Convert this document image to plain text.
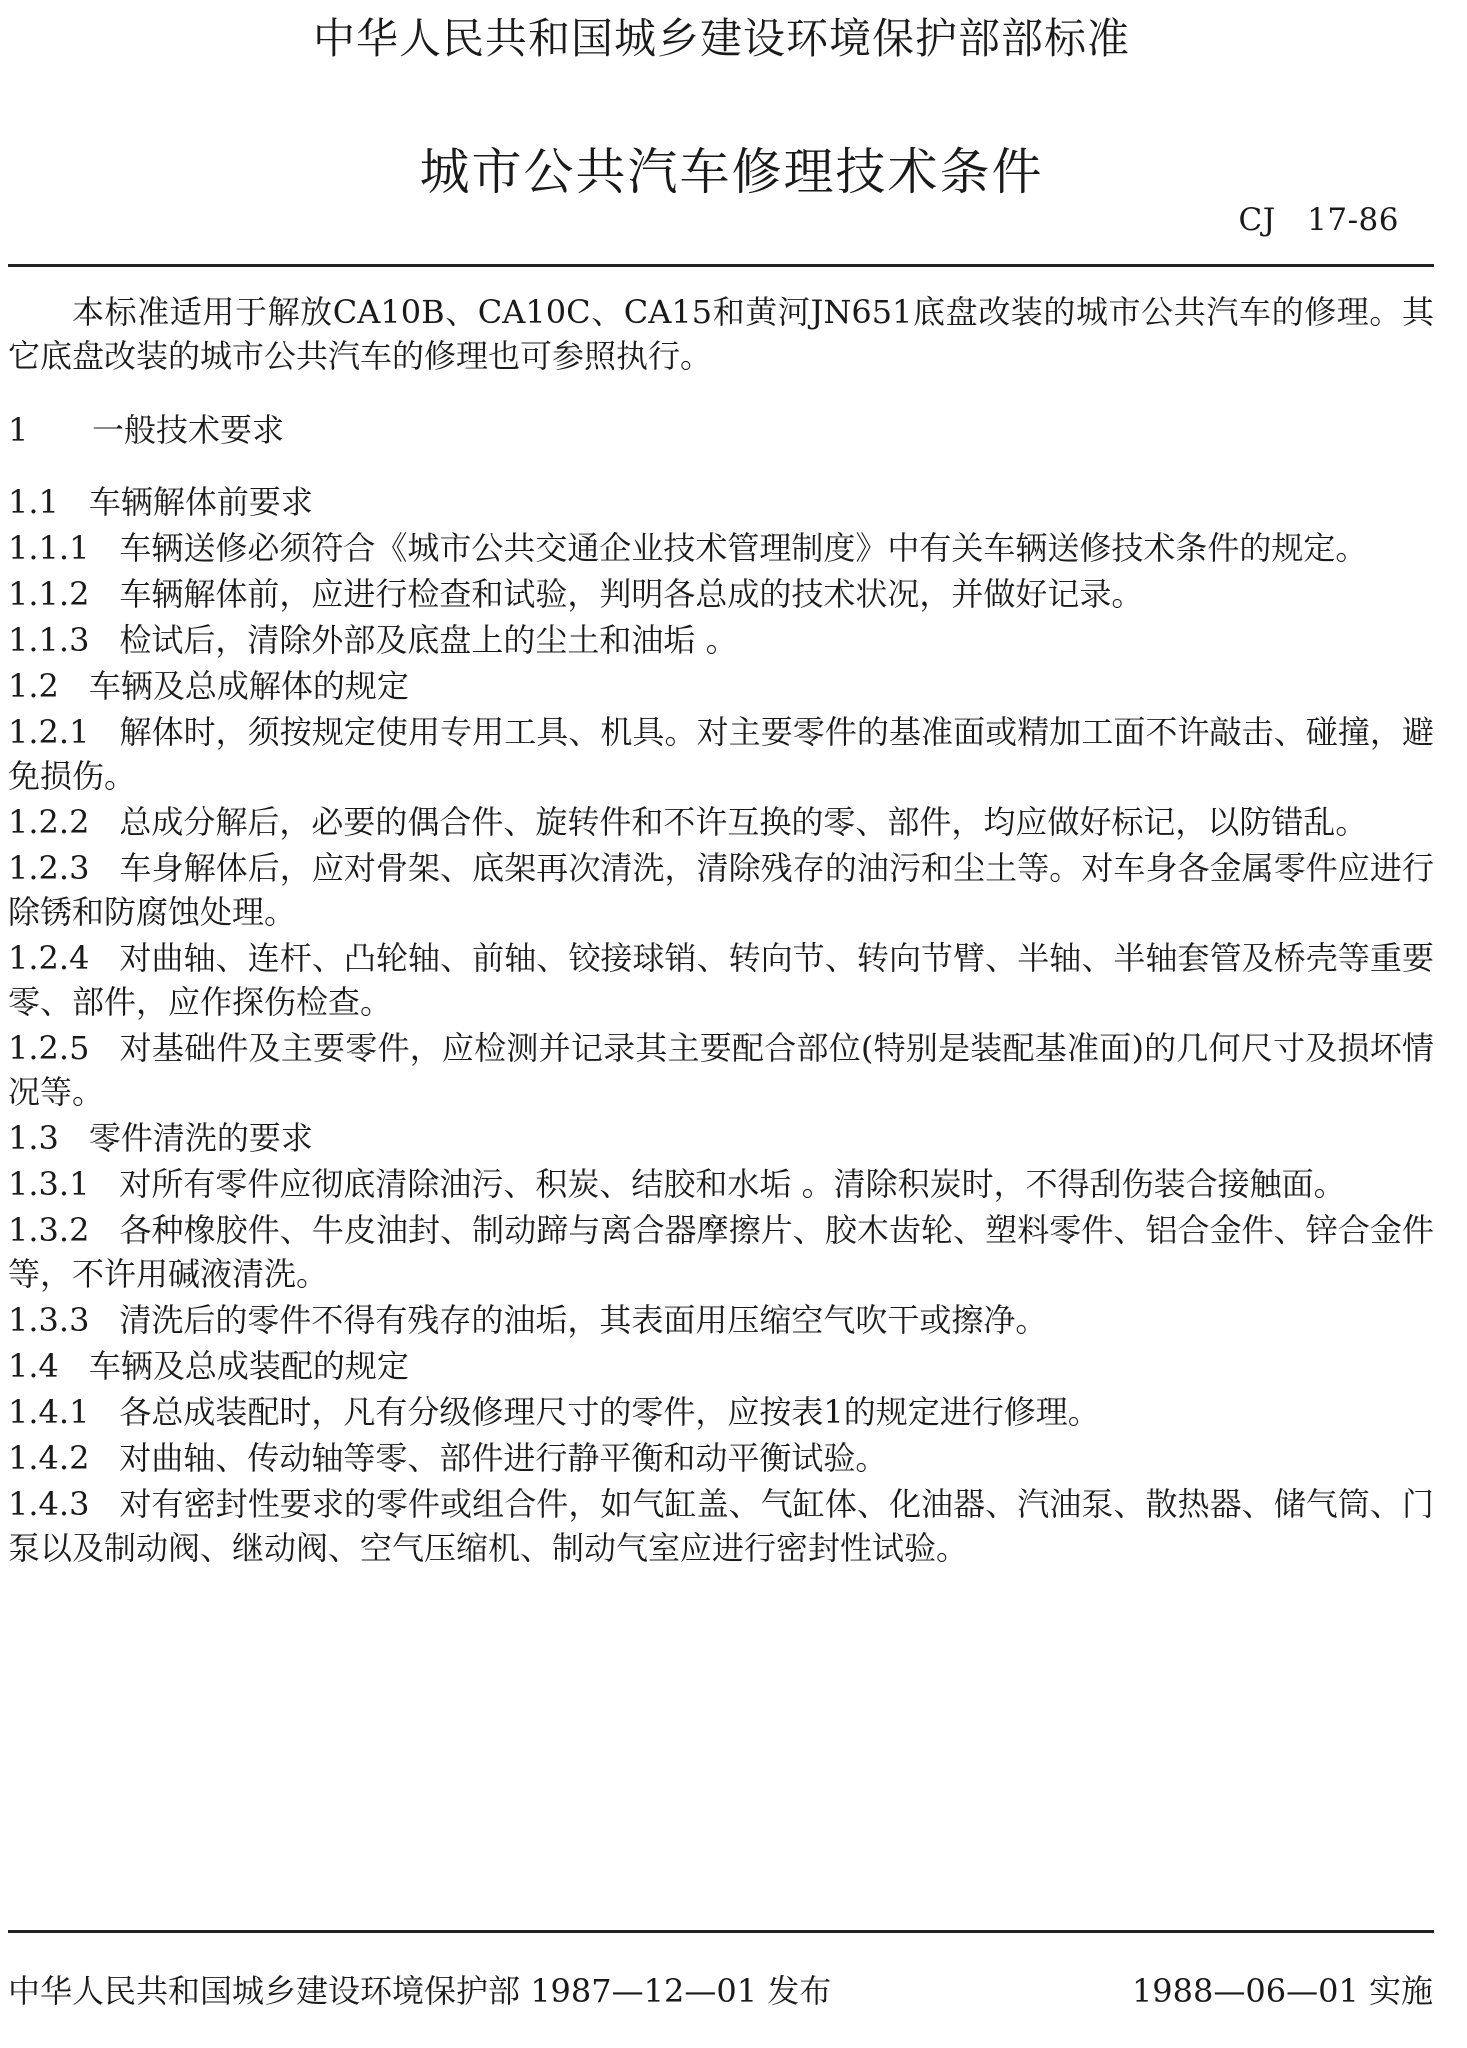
中华人民共和国城乡建设环境保护部部标准
城市公共汽车修理技术条件
CJ　17-86

本标准适用于解放CA10B、CA10C、CA15和黄河JN651底盘改装的城市公共汽车的修理。其它底盘改装的城市公共汽车的修理也可参照执行。

1 一般技术要求

1.1 车辆解体前要求

1.1.1 车辆送修必须符合《城市公共交通企业技术管理制度》中有关车辆送修技术条件的规定。

1.1.2 车辆解体前，应进行检查和试验，判明各总成的技术状况，并做好记录。

1.1.3 检试后，清除外部及底盘上的尘土和油垢 。

1.2 车辆及总成解体的规定

1.2.1 解体时，须按规定使用专用工具、机具。对主要零件的基准面或精加工面不许敲击、碰撞，避免损伤。

1.2.2 总成分解后，必要的偶合件、旋转件和不许互换的零、部件，均应做好标记，以防错乱。

1.2.3 车身解体后，应对骨架、底架再次清洗，清除残存的油污和尘土等。对车身各金属零件应进行除锈和防腐蚀处理。

1.2.4 对曲轴、连杆、凸轮轴、前轴、铰接球销、转向节、转向节臂、半轴、半轴套管及桥壳等重要零、部件，应作探伤检查。

1.2.5 对基础件及主要零件，应检测并记录其主要配合部位(特别是装配基准面)的几何尺寸及损坏情况等。

1.3 零件清洗的要求

1.3.1 对所有零件应彻底清除油污、积炭、结胶和水垢 。清除积炭时，不得刮伤装合接触面。

1.3.2 各种橡胶件、牛皮油封、制动蹄与离合器摩擦片、胶木齿轮、塑料零件、铝合金件、锌合金件等，不许用碱液清洗。

1.3.3 清洗后的零件不得有残存的油垢，其表面用压缩空气吹干或擦净。

1.4 车辆及总成装配的规定

1.4.1 各总成装配时，凡有分级修理尺寸的零件，应按表1的规定进行修理。

1.4.2 对曲轴、传动轴等零、部件进行静平衡和动平衡试验。

1.4.3 对有密封性要求的零件或组合件，如气缸盖、气缸体、化油器、汽油泵、散热器、储气筒、门泵以及制动阀、继动阀、空气压缩机、制动气室应进行密封性试验。

中华人民共和国城乡建设环境保护部 1987—12—01 发布	1988—06—01 实施
